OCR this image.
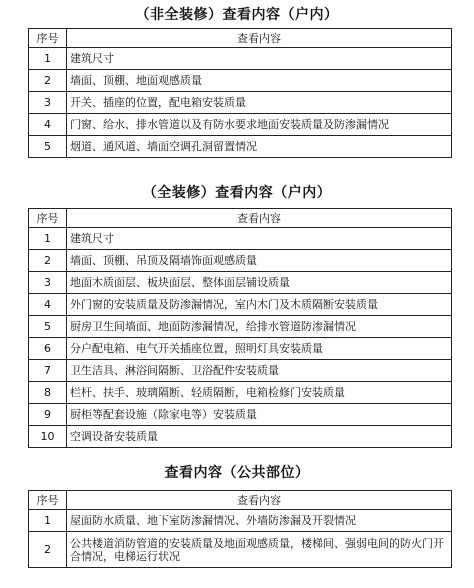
（非全装修）查看内容（户内）
序号	查看内容
1	建筑尺寸
2	墙面、顶棚、地面观感质量
3	开关、插座的位置，配电箱安装质量
4	门窗、给水、排水管道以及有防水要求地面安装质量及防渗漏情况
5	烟道、通风道、墙面空调孔洞留置情况
（全装修）查看内容（户内）
序号	查看内容
1	建筑尺寸
2	墙面、顶棚、吊顶及隔墙饰面观感质量
3	地面木质面层、板块面层、整体面层铺设质量
4	外门窗的安装质量及防渗漏情况，室内木门及木质隔断安装质量
5	厨房卫生间墙面、地面防渗漏情况，给排水管道防渗漏情况
6	分户配电箱、电气开关插座位置，照明灯具安装质量
7	卫生洁具、淋浴间隔断、卫浴配件安装质量
8	栏杆、扶手、玻璃隔断、轻质隔断，电箱检修门安装质量
9	厨柜等配套设施（除家电等）安装质量
10	空调设备安装质量
查看内容（公共部位）
序号	查看内容
1	屋面防水质量、地下室防渗漏情况、外墙防渗漏及开裂情况
2	公共楼道消防管道的安装质量及地面观感质量，楼梯间、强弱电间的防火门开合情况，电梯运行状况
